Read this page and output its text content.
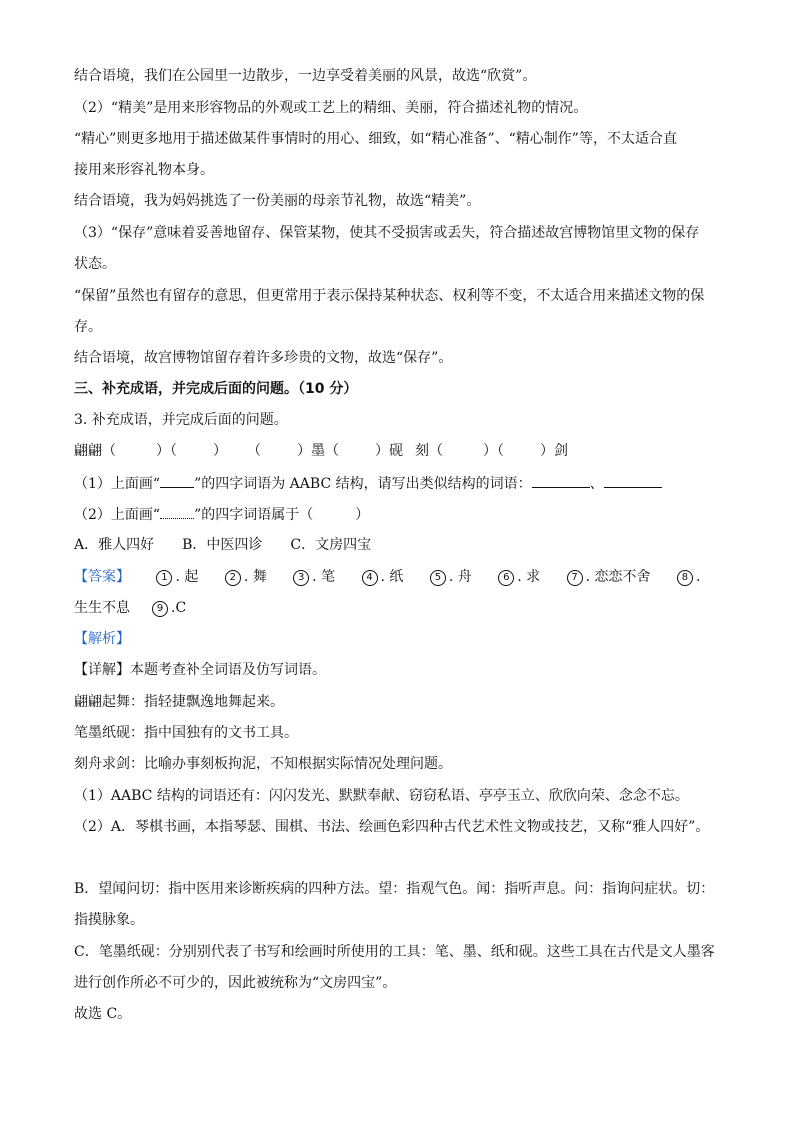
结合语境，我们在公园里一边散步，一边享受着美丽的风景，故选“欣赏”。
（2）“精美”是用来形容物品的外观或工艺上的精细、美丽，符合描述礼物的情况。
“精心”则更多地用于描述做某件事情时的用心、细致，如“精心准备”、“精心制作”等，不太适合直
接用来形容礼物本身。
结合语境，我为妈妈挑选了一份美丽的母亲节礼物，故选“精美”。
（3）“保存”意味着妥善地留存、保管某物，使其不受损害或丢失，符合描述故宫博物馆里文物的保存
状态。
“保留”虽然也有留存的意思，但更常用于表示保持某种状态、权利等不变，不太适合用来描述文物的保
存。
结合语境，故宫博物馆留存着许多珍贵的文物，故选“保存”。
三、补充成语，并完成后面的问题。（10 分）
3. 补充成语，并完成后面的问题。
翩翩（	）（	） （	）墨（	）砚 刻（	）（	）剑
（1）上面画“ ”的四字词语为 AABC 结构，请写出类似结构的词语：	、
（2）上面画“ ”的四字词语属于（	）
A．雅人四好　　B．中医四诊　　C．文房四宝
【答案】	1 . 起	2 . 舞	3 . 笔	4 . 纸	5 . 舟	6 . 求	7 . 恋恋不舍	8 .
生生不息	9 .C
【解析】
【详解】本题考查补全词语及仿写词语。
翩翩起舞：指轻捷飘逸地舞起来。
笔墨纸砚：指中国独有的文书工具。
刻舟求剑：比喻办事刻板拘泥，不知根据实际情况处理问题。
（1）AABC 结构的词语还有：闪闪发光、默默奉献、窃窃私语、亭亭玉立、欣欣向荣、念念不忘。
（2）A．琴棋书画，本指琴瑟、围棋、书法、绘画色彩四种古代艺术性文物或技艺，又称“雅人四好”。
B．望闻问切：指中医用来诊断疾病的四种方法。望：指观气色。闻：指听声息。问：指询问症状。切：
指摸脉象。
C．笔墨纸砚：分别别代表了书写和绘画时所使用的工具：笔、墨、纸和砚。这些工具在古代是文人墨客
进行创作所必不可少的，因此被统称为“文房四宝”。
故选 C。
